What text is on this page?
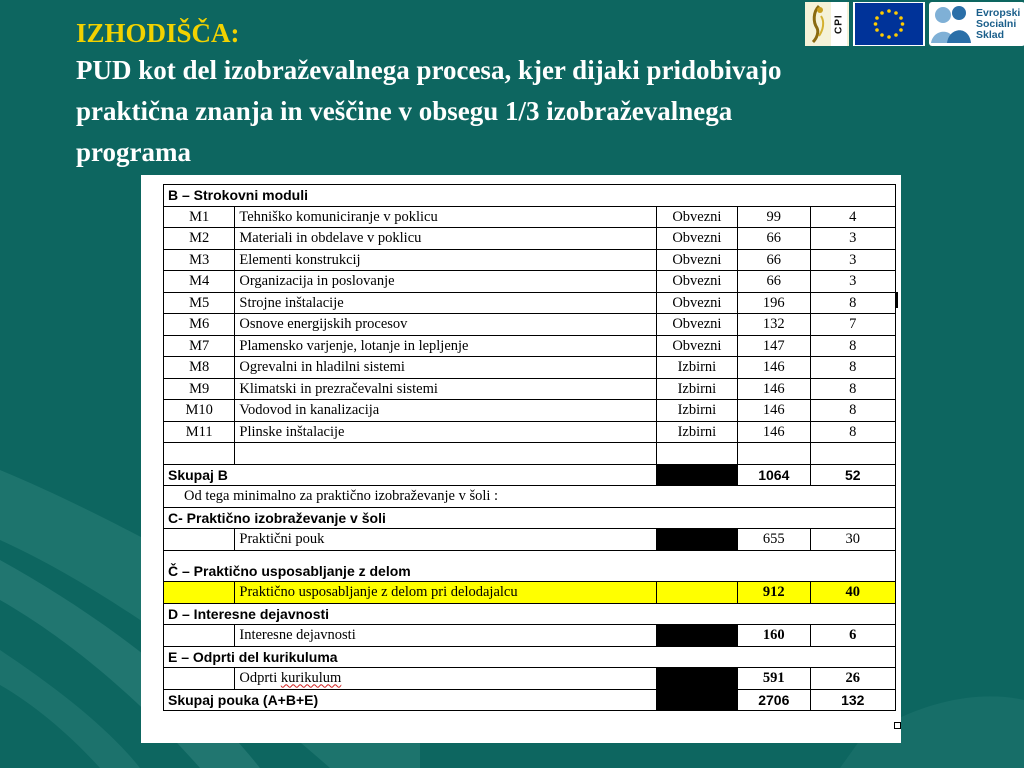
IZHODIŠČA:
PUD kot del izobraževalnega procesa, kjer dijaki pridobivajo
praktična znanja in veščine v obsegu 1/3 izobraževalnega
programa
CPI
Evropski
Socialni
Sklad
B – Strokovni moduli				
M1	Tehniško komuniciranje v poklicu	Obvezni	99	4
M2	Materiali in obdelave v poklicu	Obvezni	66	3
M3	Elementi konstrukcij	Obvezni	66	3
M4	Organizacija in poslovanje	Obvezni	66	3
M5	Strojne inštalacije	Obvezni	196	8
M6	Osnove energijskih procesov	Obvezni	132	7
M7	Plamensko varjenje, lotanje in lepljenje	Obvezni	147	8
M8	Ogrevalni in hladilni sistemi	Izbirni	146	8
M9	Klimatski in prezračevalni sistemi	Izbirni	146	8
M10	Vodovod in kanalizacija	Izbirni	146	8
M11	Plinske inštalacije	Izbirni	146	8

Skupaj B			1064	52
Od tega minimalno za praktično izobraževanje v šoli :				
C- Praktično izobraževanje v šoli				
	Praktični pouk		655	30

Č – Praktično usposabljanje z delom				
	Praktično usposabljanje z delom pri delodajalcu		912	40
D – Interesne dejavnosti				
	Interesne dejavnosti		160	6
E – Odprti del kurikuluma				
	Odprti kurikulum		591	26
Skupaj pouka (A+B+E)			2706	132
